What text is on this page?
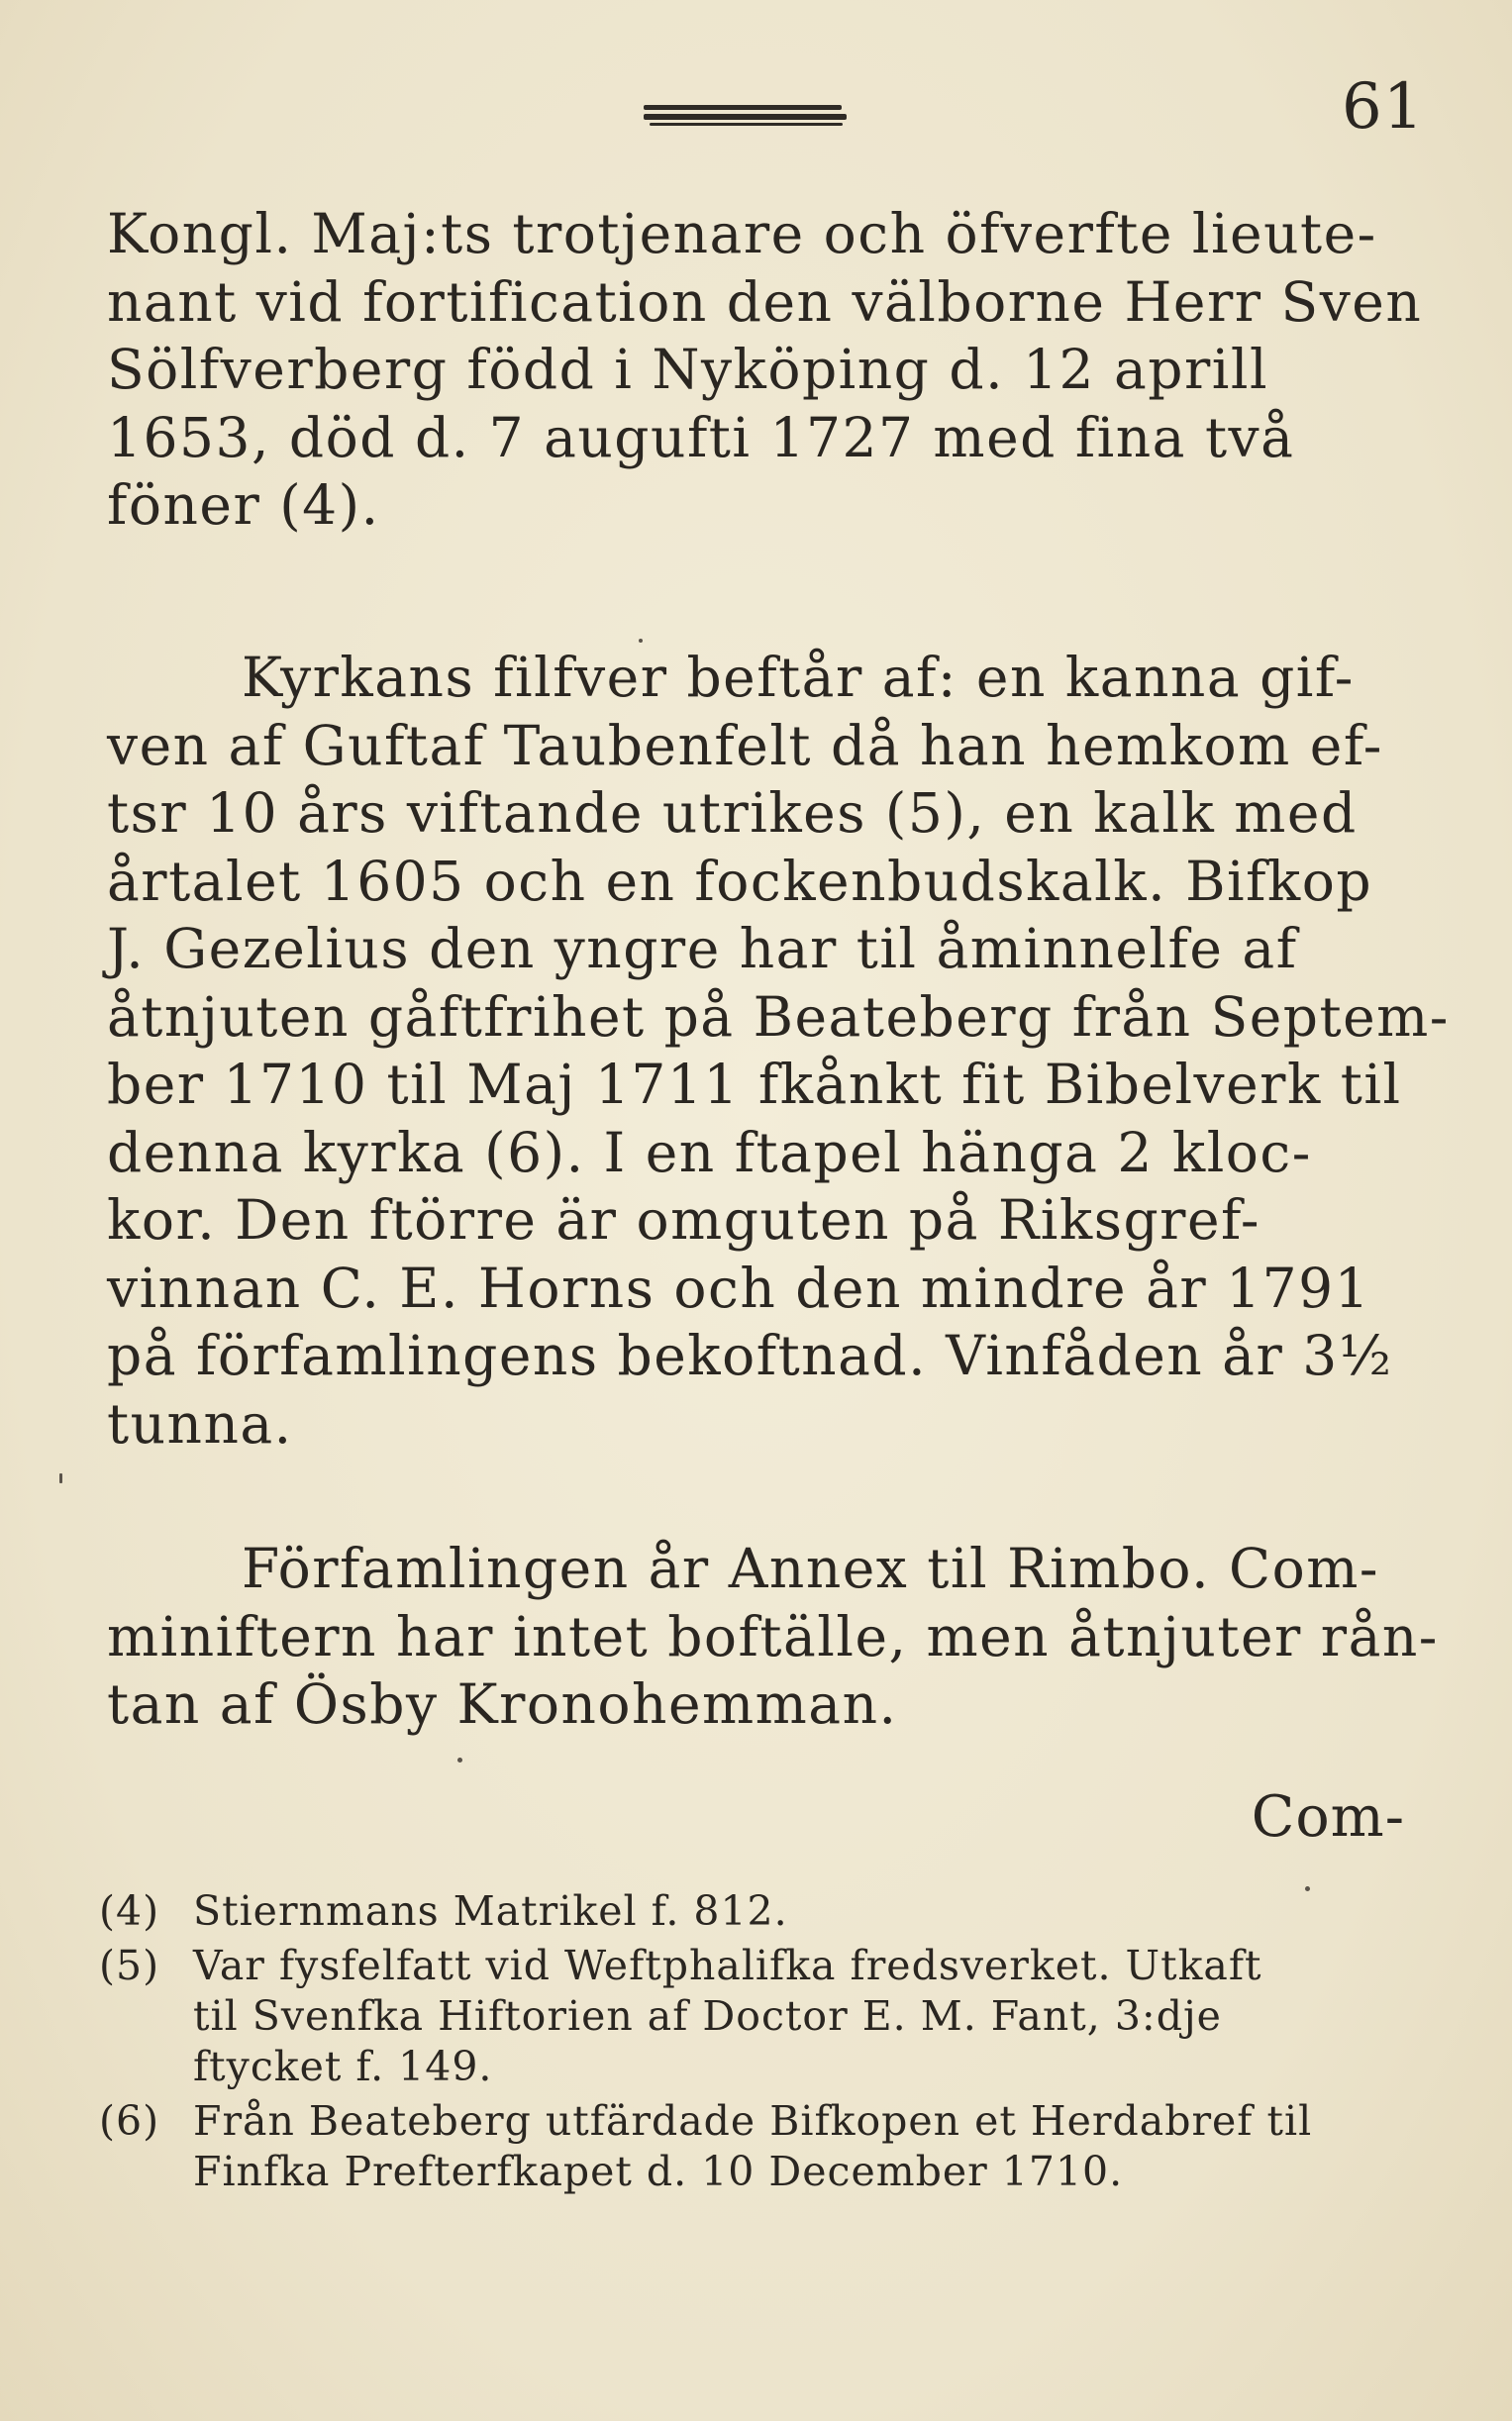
61

Kongl. Maj:ts trotjenare och öfverfte lieute-
nant vid fortification den välborne Herr Sven
Sölfverberg född i Nyköping d. 12 aprill
1653, död d. 7 augufti 1727 med fina två
föner (4).

Kyrkans filfver beftår af: en kanna gif-
ven af Guftaf Taubenfelt då han hemkom ef-
tsr 10 års viftande utrikes (5), en kalk med
årtalet 1605 och en fockenbudskalk. Bifkop
J. Gezelius den yngre har til åminnelfe af
åtnjuten gåftfrihet på Beateberg från Septem-
ber 1710 til Maj 1711 fkånkt fit Bibelverk til
denna kyrka (6). I en ftapel hänga 2 kloc-
kor. Den ftörre är omguten på Riksgref-
vinnan C. E. Horns och den mindre år 1791
på förfamlingens bekoftnad. Vinfåden år 3½
tunna.

Förfamlingen år Annex til Rimbo. Com-
miniftern har intet boftälle, men åtnjuter rån-
tan af Ösby Kronohemman.

Com-
(4) Stiernmans Matrikel f. 812.
(5) Var fysfelfatt vid Weftphalifka fredsverket. Utkaft
til Svenfka Hiftorien af Doctor E. M. Fant, 3:dje
ftycket f. 149.
(6) Från Beateberg utfärdade Bifkopen et Herdabref til
Finfka Prefterfkapet d. 10 December 1710.
